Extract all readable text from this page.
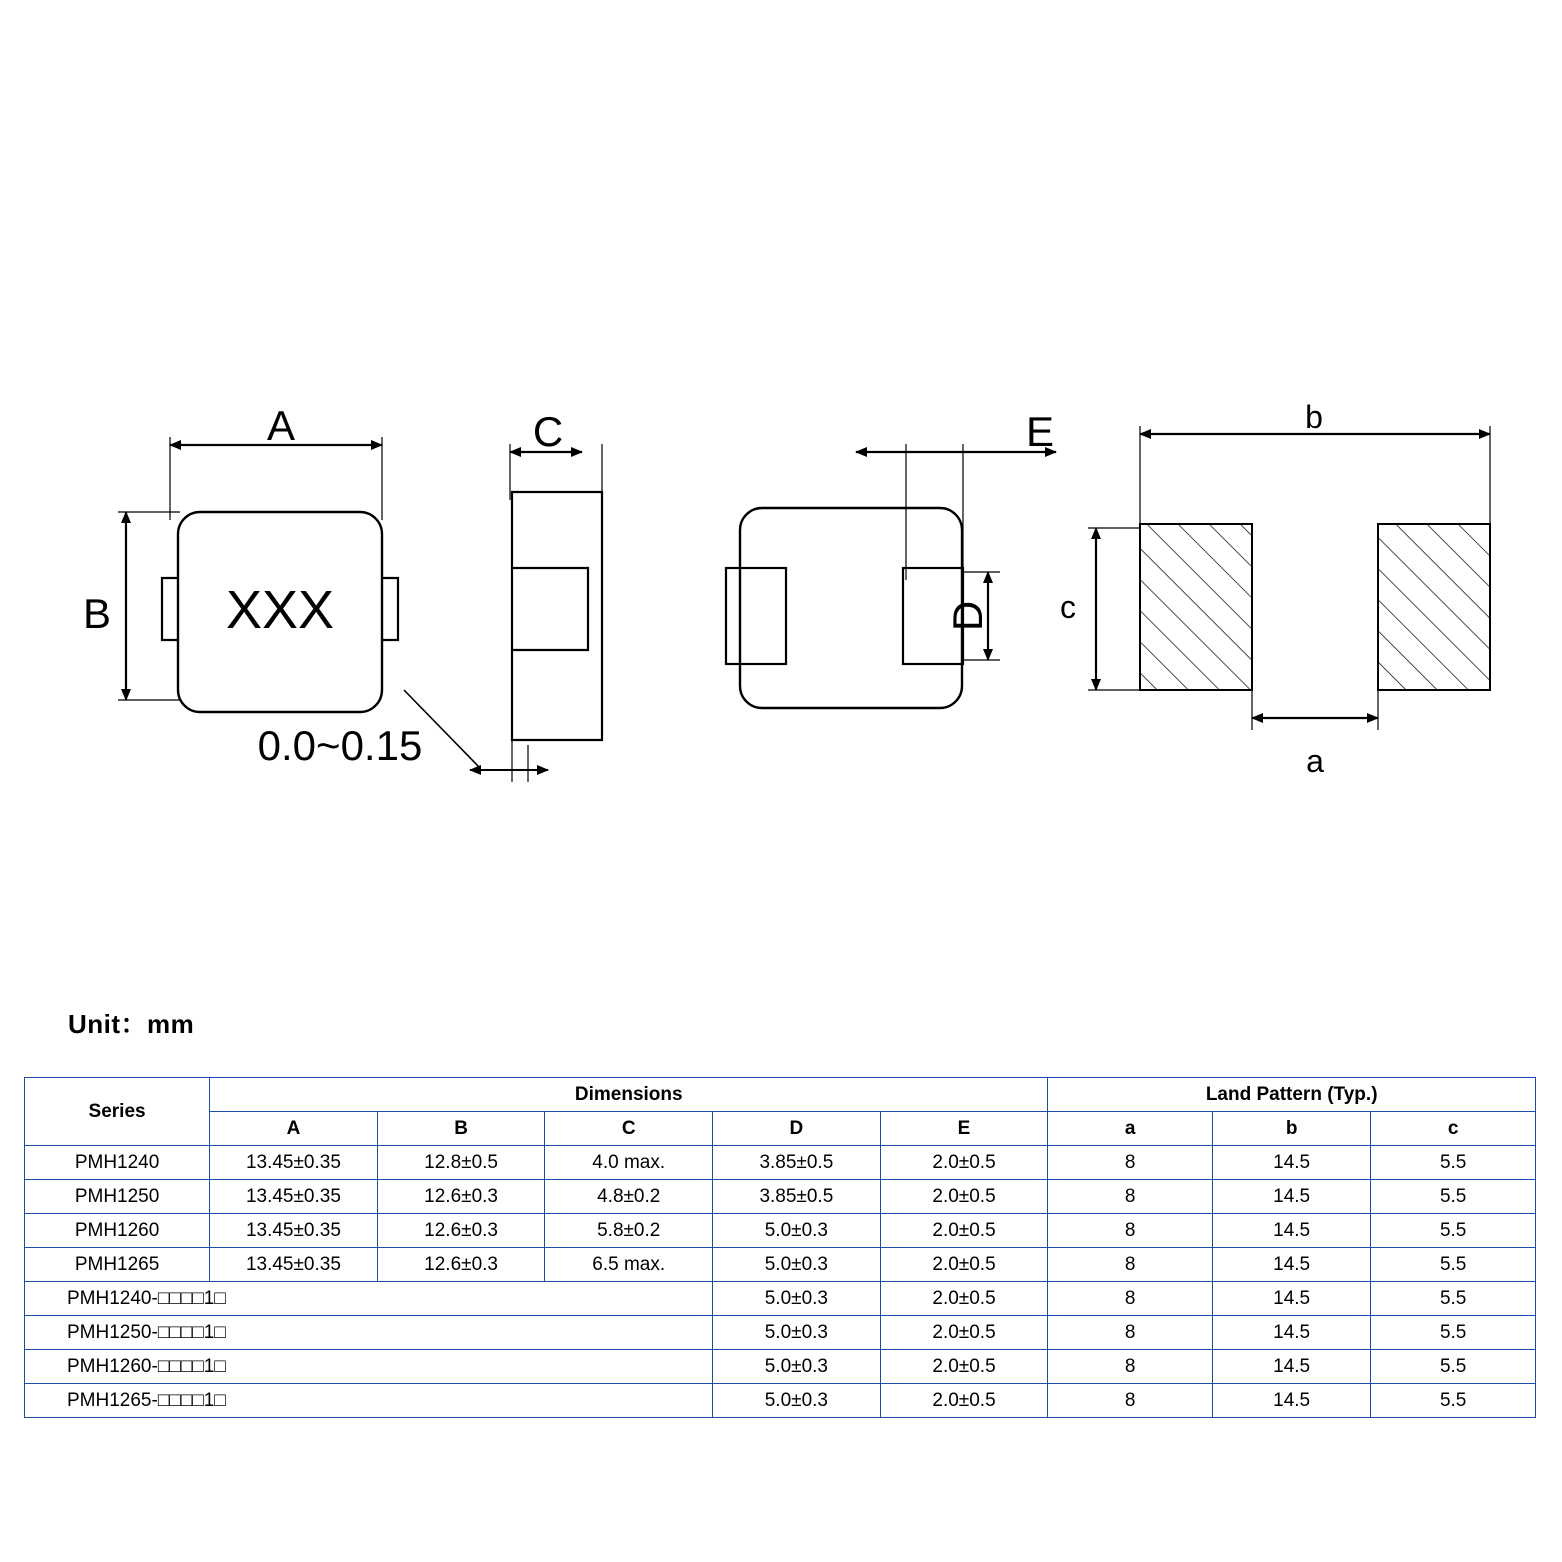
A
B XXX
0.0~0.15
C	E
D
b
c
a
Unit：mm
Series	Dimensions					Land Pattern (Typ.)		
	A	B	C	D	E	a	b	c
PMH1240	13.45±0.35	12.8±0.5	4.0 max.	3.85±0.5	2.0±0.5	8	14.5	5.5
PMH1250	13.45±0.35	12.6±0.3	4.8±0.2	3.85±0.5	2.0±0.5	8	14.5	5.5
PMH1260	13.45±0.35	12.6±0.3	5.8±0.2	5.0±0.3	2.0±0.5	8	14.5	5.5
PMH1265	13.45±0.35	12.6±0.3	6.5 max.	5.0±0.3	2.0±0.5	8	14.5	5.5
PMH1240-□□□□1□				5.0±0.3	2.0±0.5	8	14.5	5.5
PMH1250-□□□□1□				5.0±0.3	2.0±0.5	8	14.5	5.5
PMH1260-□□□□1□				5.0±0.3	2.0±0.5	8	14.5	5.5
PMH1265-□□□□1□				5.0±0.3	2.0±0.5	8	14.5	5.5
